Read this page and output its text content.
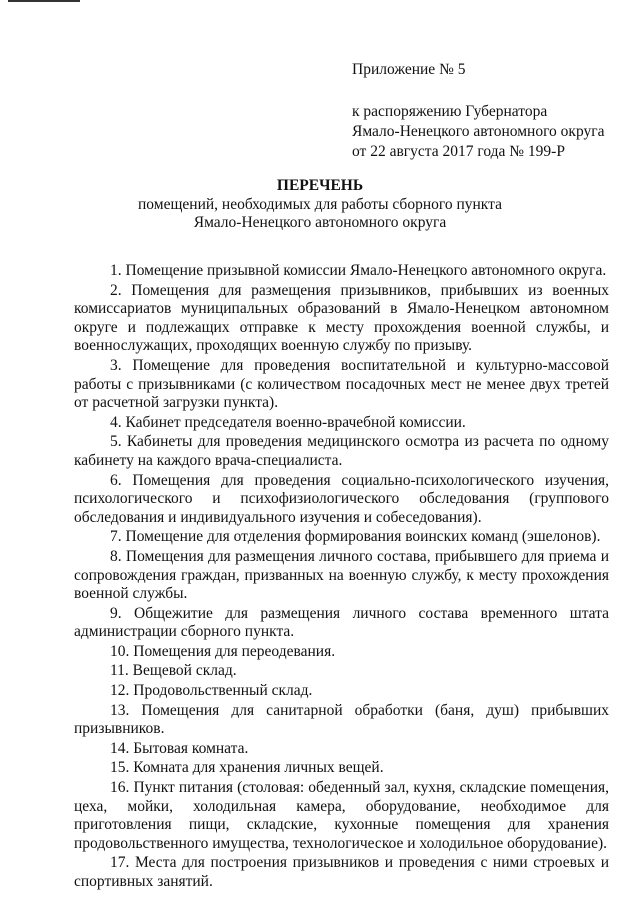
Приложение № 5
к распоряжению Губернатора
Ямало-Ненецкого автономного округа
от 22 августа 2017 года № 199-Р
ПЕРЕЧЕНЬ
помещений, необходимых для работы сборного пункта
Ямало-Ненецкого автономного округа

1. Помещение призывной комиссии Ямало-Ненецкого автономного округа.

2. Помещения для размещения призывников, прибывших из военных комиссариатов муниципальных образований в Ямало-Ненецком автономном округе и подлежащих отправке к месту прохождения военной службы, и военнослужащих, проходящих военную службу по призыву.

3. Помещение для проведения воспитательной и культурно-массовой работы с призывниками (с количеством посадочных мест не менее двух третей от расчетной загрузки пункта).

4. Кабинет председателя военно-врачебной комиссии.

5. Кабинеты для проведения медицинского осмотра из расчета по одному кабинету на каждого врача-специалиста.

6. Помещения для проведения социально-психологического изучения, психологического и психофизиологического обследования (группового обследования и индивидуального изучения и собеседования).

7. Помещение для отделения формирования воинских команд (эшелонов).

8. Помещения для размещения личного состава, прибывшего для приема и сопровождения граждан, призванных на военную службу, к месту прохождения военной службы.

9. Общежитие для размещения личного состава временного штата администрации сборного пункта.

10. Помещения для переодевания.

11. Вещевой склад.

12. Продовольственный склад.

13. Помещения для санитарной обработки (баня, душ) прибывших призывников.

14. Бытовая комната.

15. Комната для хранения личных вещей.

16. Пункт питания (столовая: обеденный зал, кухня, складские помещения, цеха, мойки, холодильная камера, оборудование, необходимое для приготовления пищи, складские, кухонные помещения для хранения продовольственного имущества, технологическое и холодильное оборудование).

17. Места для построения призывников и проведения с ними строевых и спортивных занятий.
